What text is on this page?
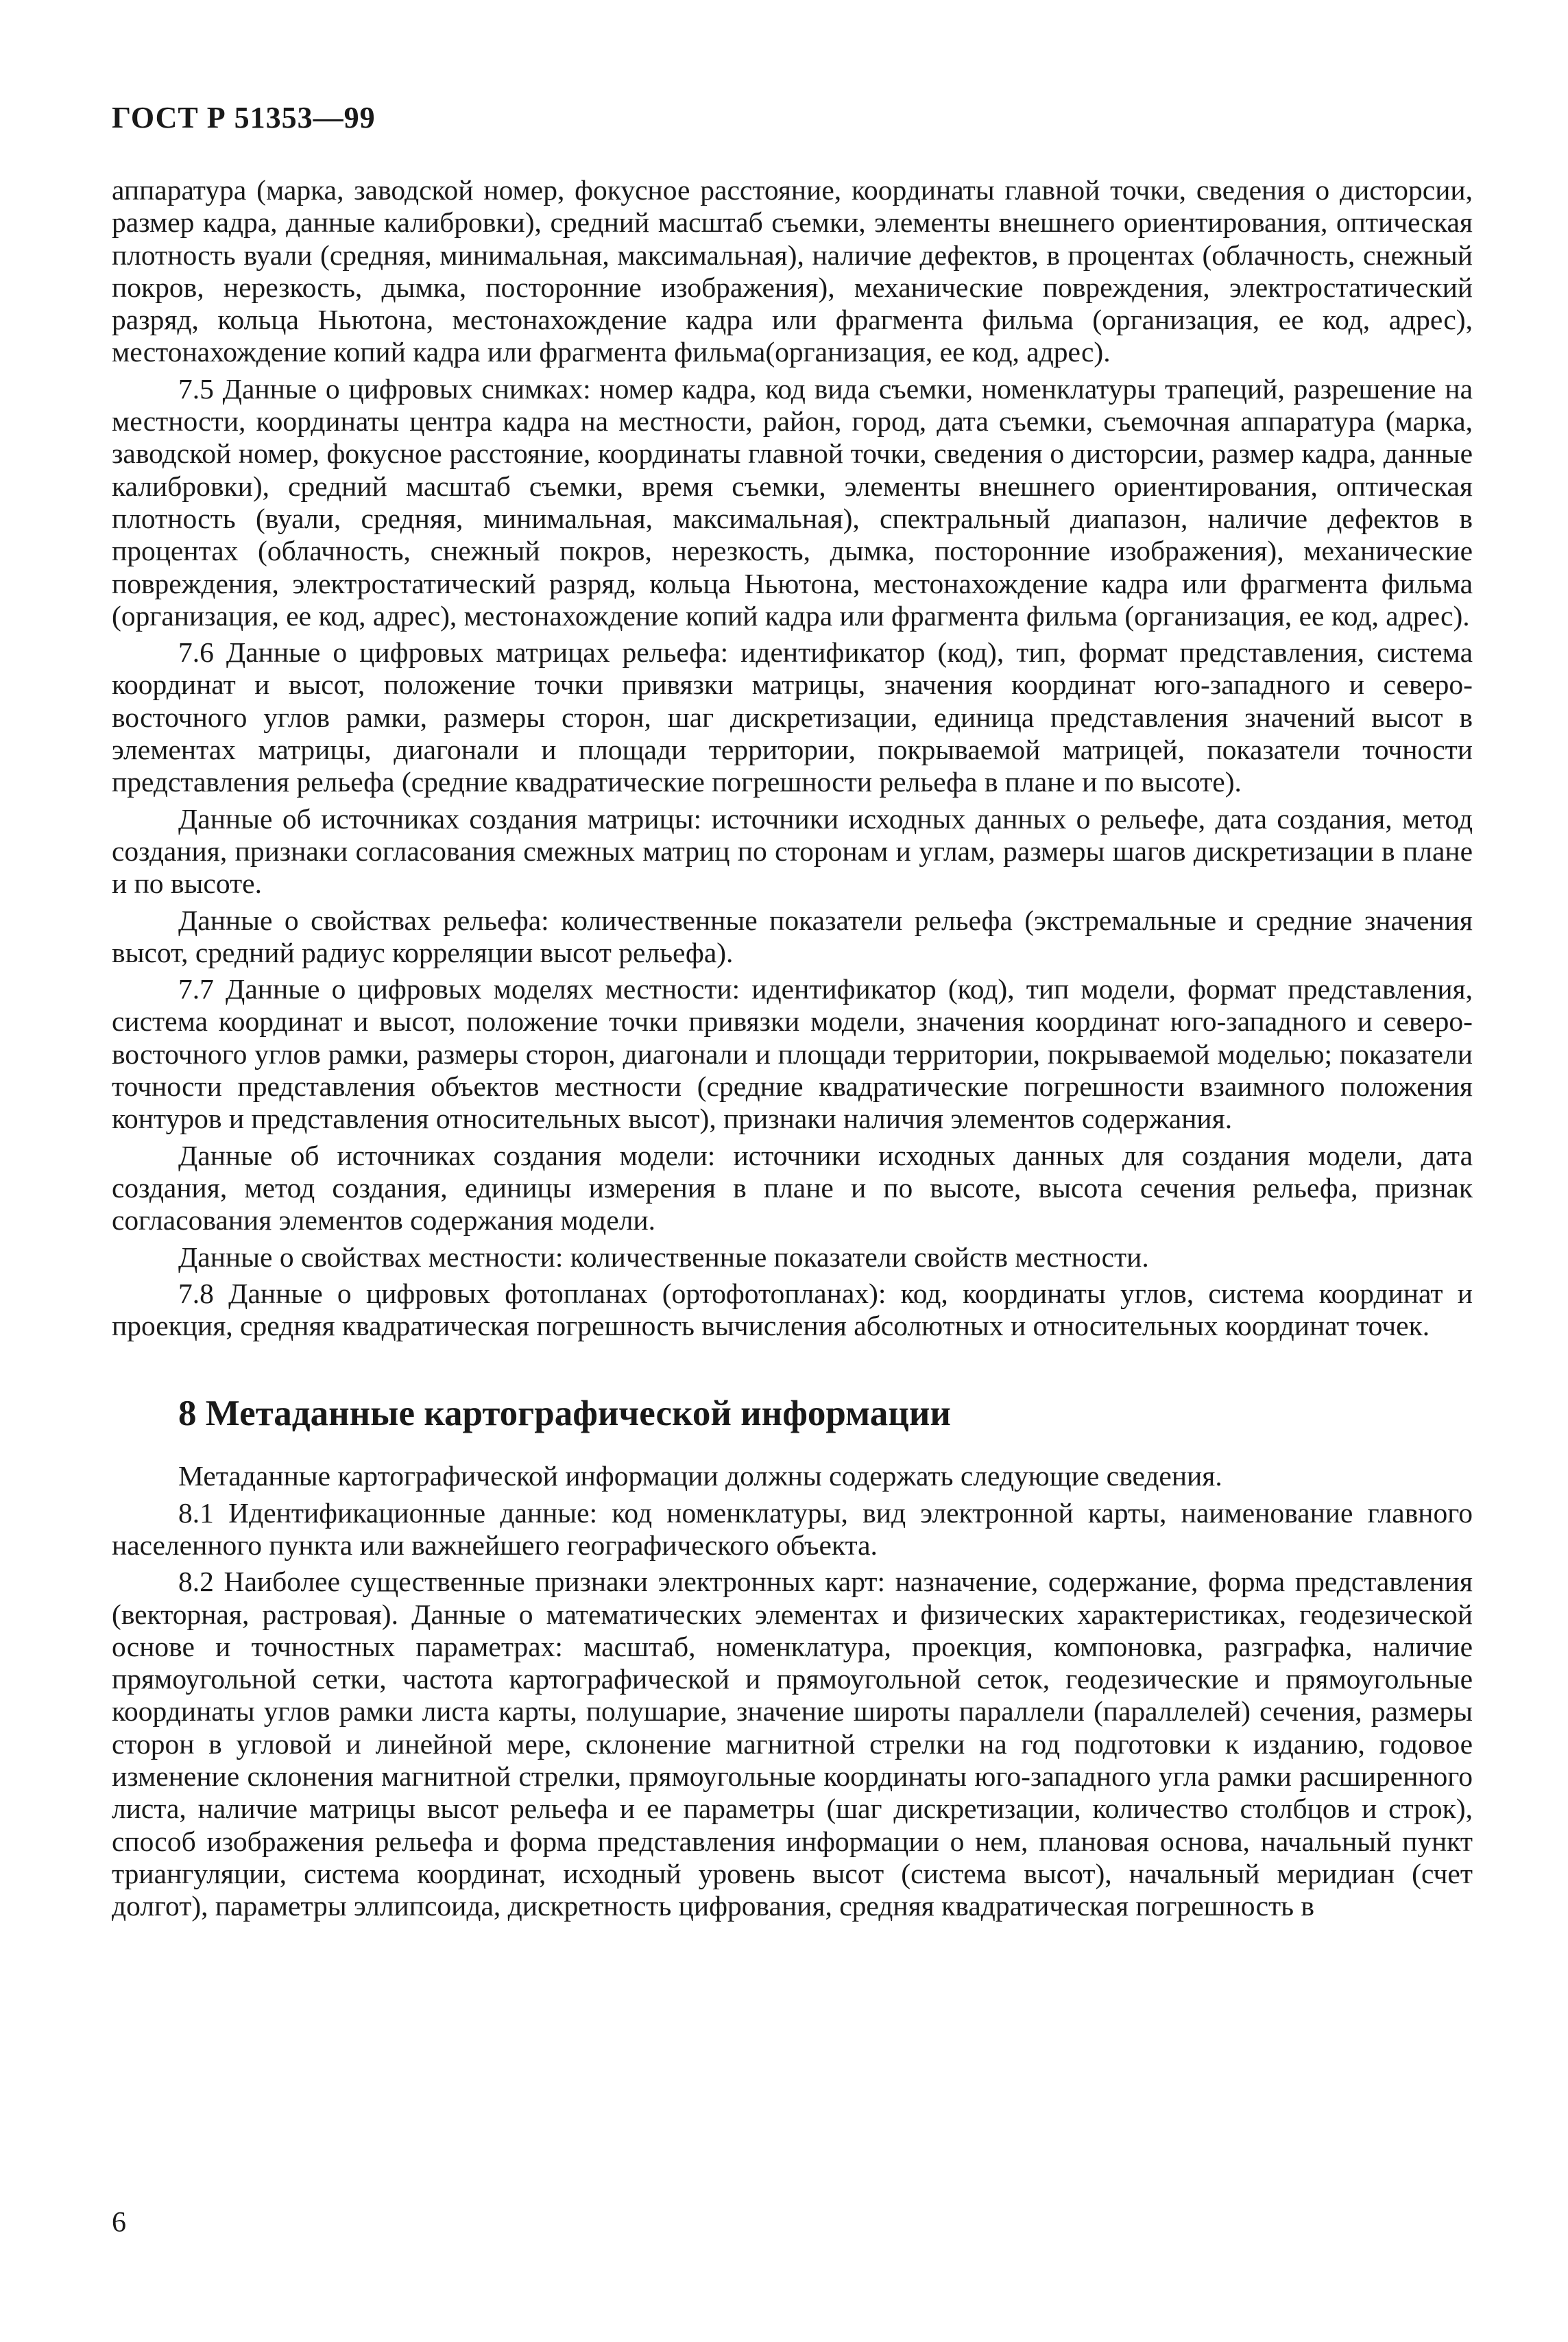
ГОСТ Р 51353—99

аппаратура (марка, заводской номер, фокусное расстояние, координаты главной точки, сведения о дисторсии, размер кадра, данные калибровки), средний масштаб съемки, элементы внешнего ориентирования, оптическая плотность вуали (средняя, минимальная, максимальная), наличие дефектов, в процентах (облачность, снежный покров, нерезкость, дымка, посторонние изображения), механические повреждения, электростатический разряд, кольца Ньютона, местонахождение кадра или фрагмента фильма (организация, ее код, адрес), местонахождение копий кадра или фрагмента фильма(организация, ее код, адрес).

7.5 Данные о цифровых снимках: номер кадра, код вида съемки, номенклатуры трапеций, разрешение на местности, координаты центра кадра на местности, район, город, дата съемки, съемочная аппаратура (марка, заводской номер, фокусное расстояние, координаты главной точки, сведения о дисторсии, размер кадра, данные калибровки), средний масштаб съемки, время съемки, элементы внешнего ориентирования, оптическая плотность (вуали, средняя, минимальная, максимальная), спектральный диапазон, наличие дефектов в процентах (облачность, снежный покров, нерезкость, дымка, посторонние изображения), механические повреждения, электростатический разряд, кольца Ньютона, местонахождение кадра или фрагмента фильма (организация, ее код, адрес), местонахождение копий кадра или фрагмента фильма (организация, ее код, адрес).

7.6 Данные о цифровых матрицах рельефа: идентификатор (код), тип, формат представления, система координат и высот, положение точки привязки матрицы, значения координат юго-западного и северо-восточного углов рамки, размеры сторон, шаг дискретизации, единица представления значений высот в элементах матрицы, диагонали и площади территории, покрываемой матрицей, показатели точности представления рельефа (средние квадратические погрешности рельефа в плане и по высоте).

Данные об источниках создания матрицы: источники исходных данных о рельефе, дата создания, метод создания, признаки согласования смежных матриц по сторонам и углам, размеры шагов дискретизации в плане и по высоте.

Данные о свойствах рельефа: количественные показатели рельефа (экстремальные и средние значения высот, средний радиус корреляции высот рельефа).

7.7 Данные о цифровых моделях местности: идентификатор (код), тип модели, формат представления, система координат и высот, положение точки привязки модели, значения координат юго-западного и северо-восточного углов рамки, размеры сторон, диагонали и площади территории, покрываемой моделью; показатели точности представления объектов местности (средние квадратические погрешности взаимного положения контуров и представления относительных высот), признаки наличия элементов содержания.

Данные об источниках создания модели: источники исходных данных для создания модели, дата создания, метод создания, единицы измерения в плане и по высоте, высота сечения рельефа, признак согласования элементов содержания модели.

Данные о свойствах местности: количественные показатели свойств местности.

7.8 Данные о цифровых фотопланах (ортофотопланах): код, координаты углов, система координат и проекция, средняя квадратическая погрешность вычисления абсолютных и относительных координат точек.

8 Метаданные картографической информации

Метаданные картографической информации должны содержать следующие сведения.

8.1 Идентификационные данные: код номенклатуры, вид электронной карты, наименование главного населенного пункта или важнейшего географического объекта.

8.2 Наиболее существенные признаки электронных карт: назначение, содержание, форма представления (векторная, растровая). Данные о математических элементах и физических характеристиках, геодезической основе и точностных параметрах: масштаб, номенклатура, проекция, компоновка, разграфка, наличие прямоугольной сетки, частота картографической и прямоугольной сеток, геодезические и прямоугольные координаты углов рамки листа карты, полушарие, значение широты параллели (параллелей) сечения, размеры сторон в угловой и линейной мере, склонение магнитной стрелки на год подготовки к изданию, годовое изменение склонения магнитной стрелки, прямоугольные координаты юго-западного угла рамки расширенного листа, наличие матрицы высот рельефа и ее параметры (шаг дискретизации, количество столбцов и строк), способ изображения рельефа и форма представления информации о нем, плановая основа, начальный пункт триангуляции, система координат, исходный уровень высот (система высот), начальный меридиан (счет долгот), параметры эллипсоида, дискретность цифрования, средняя квадратическая погрешность в

6
